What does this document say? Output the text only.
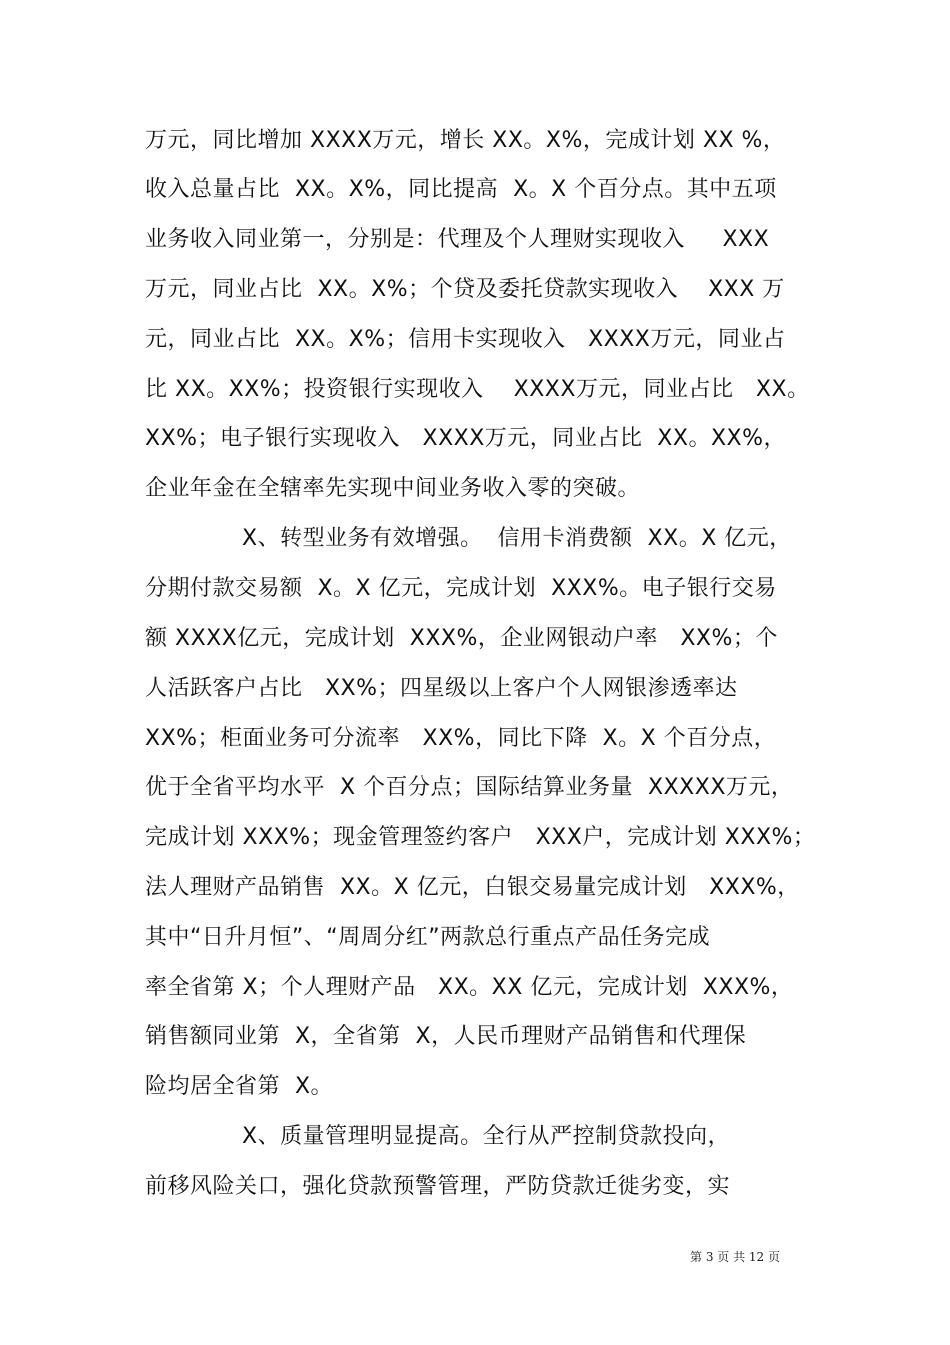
万元，同比增加 XXXX万元，增长 XX。X%，完成计划 XX %，
收入总量占比  XX。X%，同比提高  X。X 个百分点。其中五项
业务收入同业第一，分别是：代理及个人理财实现收入     XXX
万元，同业占比  XX。X%；个贷及委托贷款实现收入    XXX 万
元，同业占比  XX。X%；信用卡实现收入   XXXX万元，同业占
比 XX。XX%；投资银行实现收入    XXXX万元，同业占比   XX。
XX%；电子银行实现收入   XXXX万元，同业占比  XX。XX%，
企业年金在全辖率先实现中间业务收入零的突破。
X、转型业务有效增强。  信用卡消费额  XX。X 亿元，
分期付款交易额  X。X 亿元，完成计划  XXX%。电子银行交易
额 XXXX亿元，完成计划  XXX%，企业网银动户率   XX%；个
人活跃客户占比   XX%；四星级以上客户个人网银渗透率达
XX%；柜面业务可分流率   XX%，同比下降  X。X 个百分点，
优于全省平均水平  X 个百分点；国际结算业务量  XXXXX万元，
完成计划 XXX%；现金管理签约客户   XXX户，完成计划 XXX%；
法人理财产品销售  XX。X 亿元，白银交易量完成计划   XXX%，
其中“日升月恒”、“周周分红”两款总行重点产品任务完成
率全省第 X；个人理财产品   XX。XX 亿元，完成计划  XXX%，
销售额同业第  X，全省第  X，人民币理财产品销售和代理保
险均居全省第  X。
X、质量管理明显提高。全行从严控制贷款投向，
前移风险关口，强化贷款预警管理，严防贷款迁徙劣变，实
第 3 页 共 12 页
